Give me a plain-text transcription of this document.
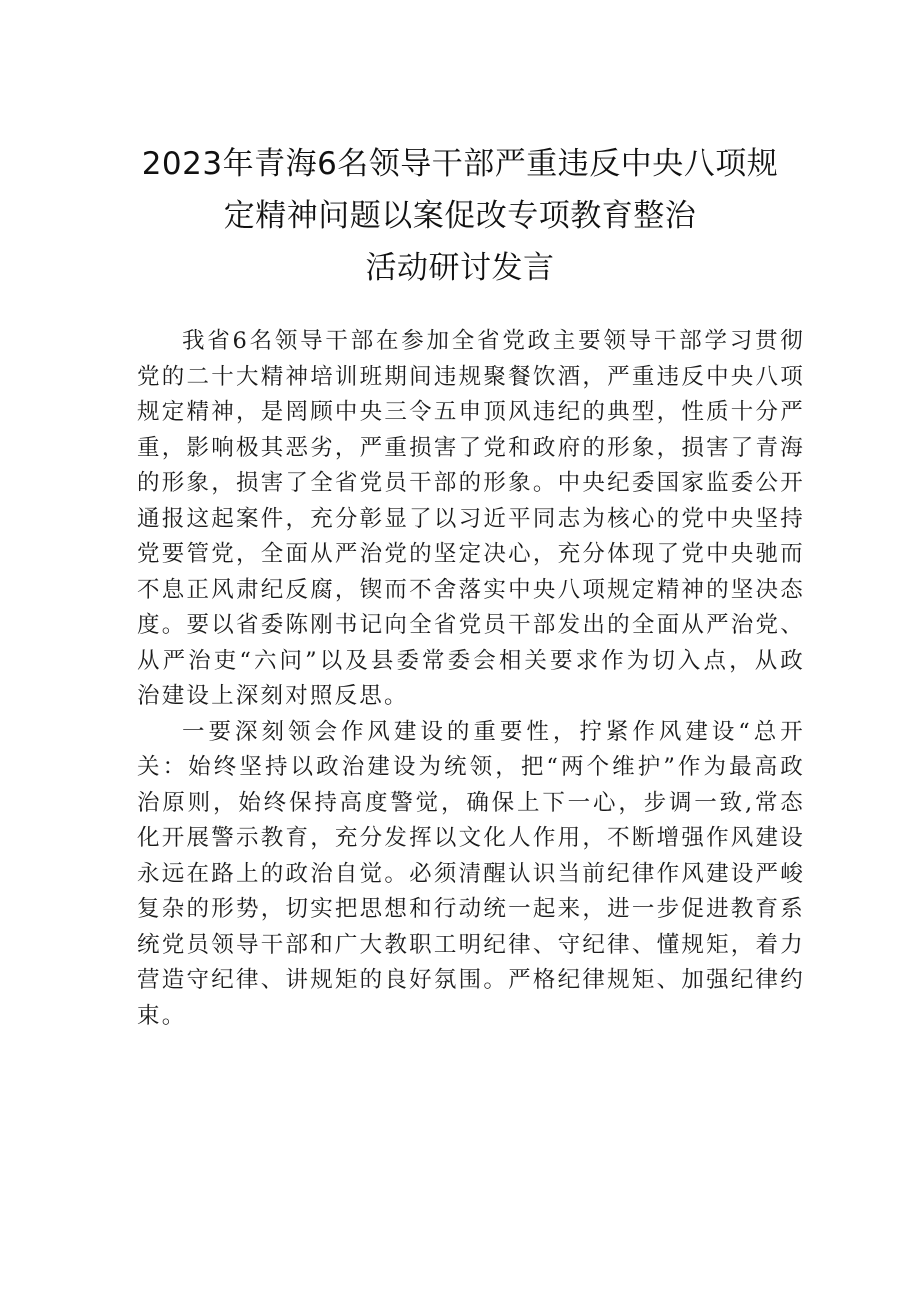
2023年青海6名领导干部严重违反中央八项规
定精神问题以案促改专项教育整治
活动研讨发言

我省6名领导干部在参加全省党政主要领导干部学习贯彻党的二十大精神培训班期间违规聚餐饮酒，严重违反中央八项规定精神，是罔顾中央三令五申顶风违纪的典型，性质十分严重，影响极其恶劣，严重损害了党和政府的形象，损害了青海的形象，损害了全省党员干部的形象。中央纪委国家监委公开通报这起案件，充分彰显了以习近平同志为核心的党中央坚持党要管党，全面从严治党的坚定决心，充分体现了党中央驰而不息正风肃纪反腐，锲而不舍落实中央八项规定精神的坚决态度。要以省委陈刚书记向全省党员干部发出的全面从严治党、从严治吏“六问”以及县委常委会相关要求作为切入点，从政治建设上深刻对照反思。

一要深刻领会作风建设的重要性，拧紧作风建设“总开关：始终坚持以政治建设为统领，把“两个维护”作为最高政治原则，始终保持高度警觉，确保上下一心，步调一致,常态化开展警示教育，充分发挥以文化人作用，不断增强作风建设永远在路上的政治自觉。必须清醒认识当前纪律作风建设严峻复杂的形势，切实把思想和行动统一起来，进一步促进教育系统党员领导干部和广大教职工明纪律、守纪律、懂规矩，着力营造守纪律、讲规矩的良好氛围。严格纪律规矩、加强纪律约束。
